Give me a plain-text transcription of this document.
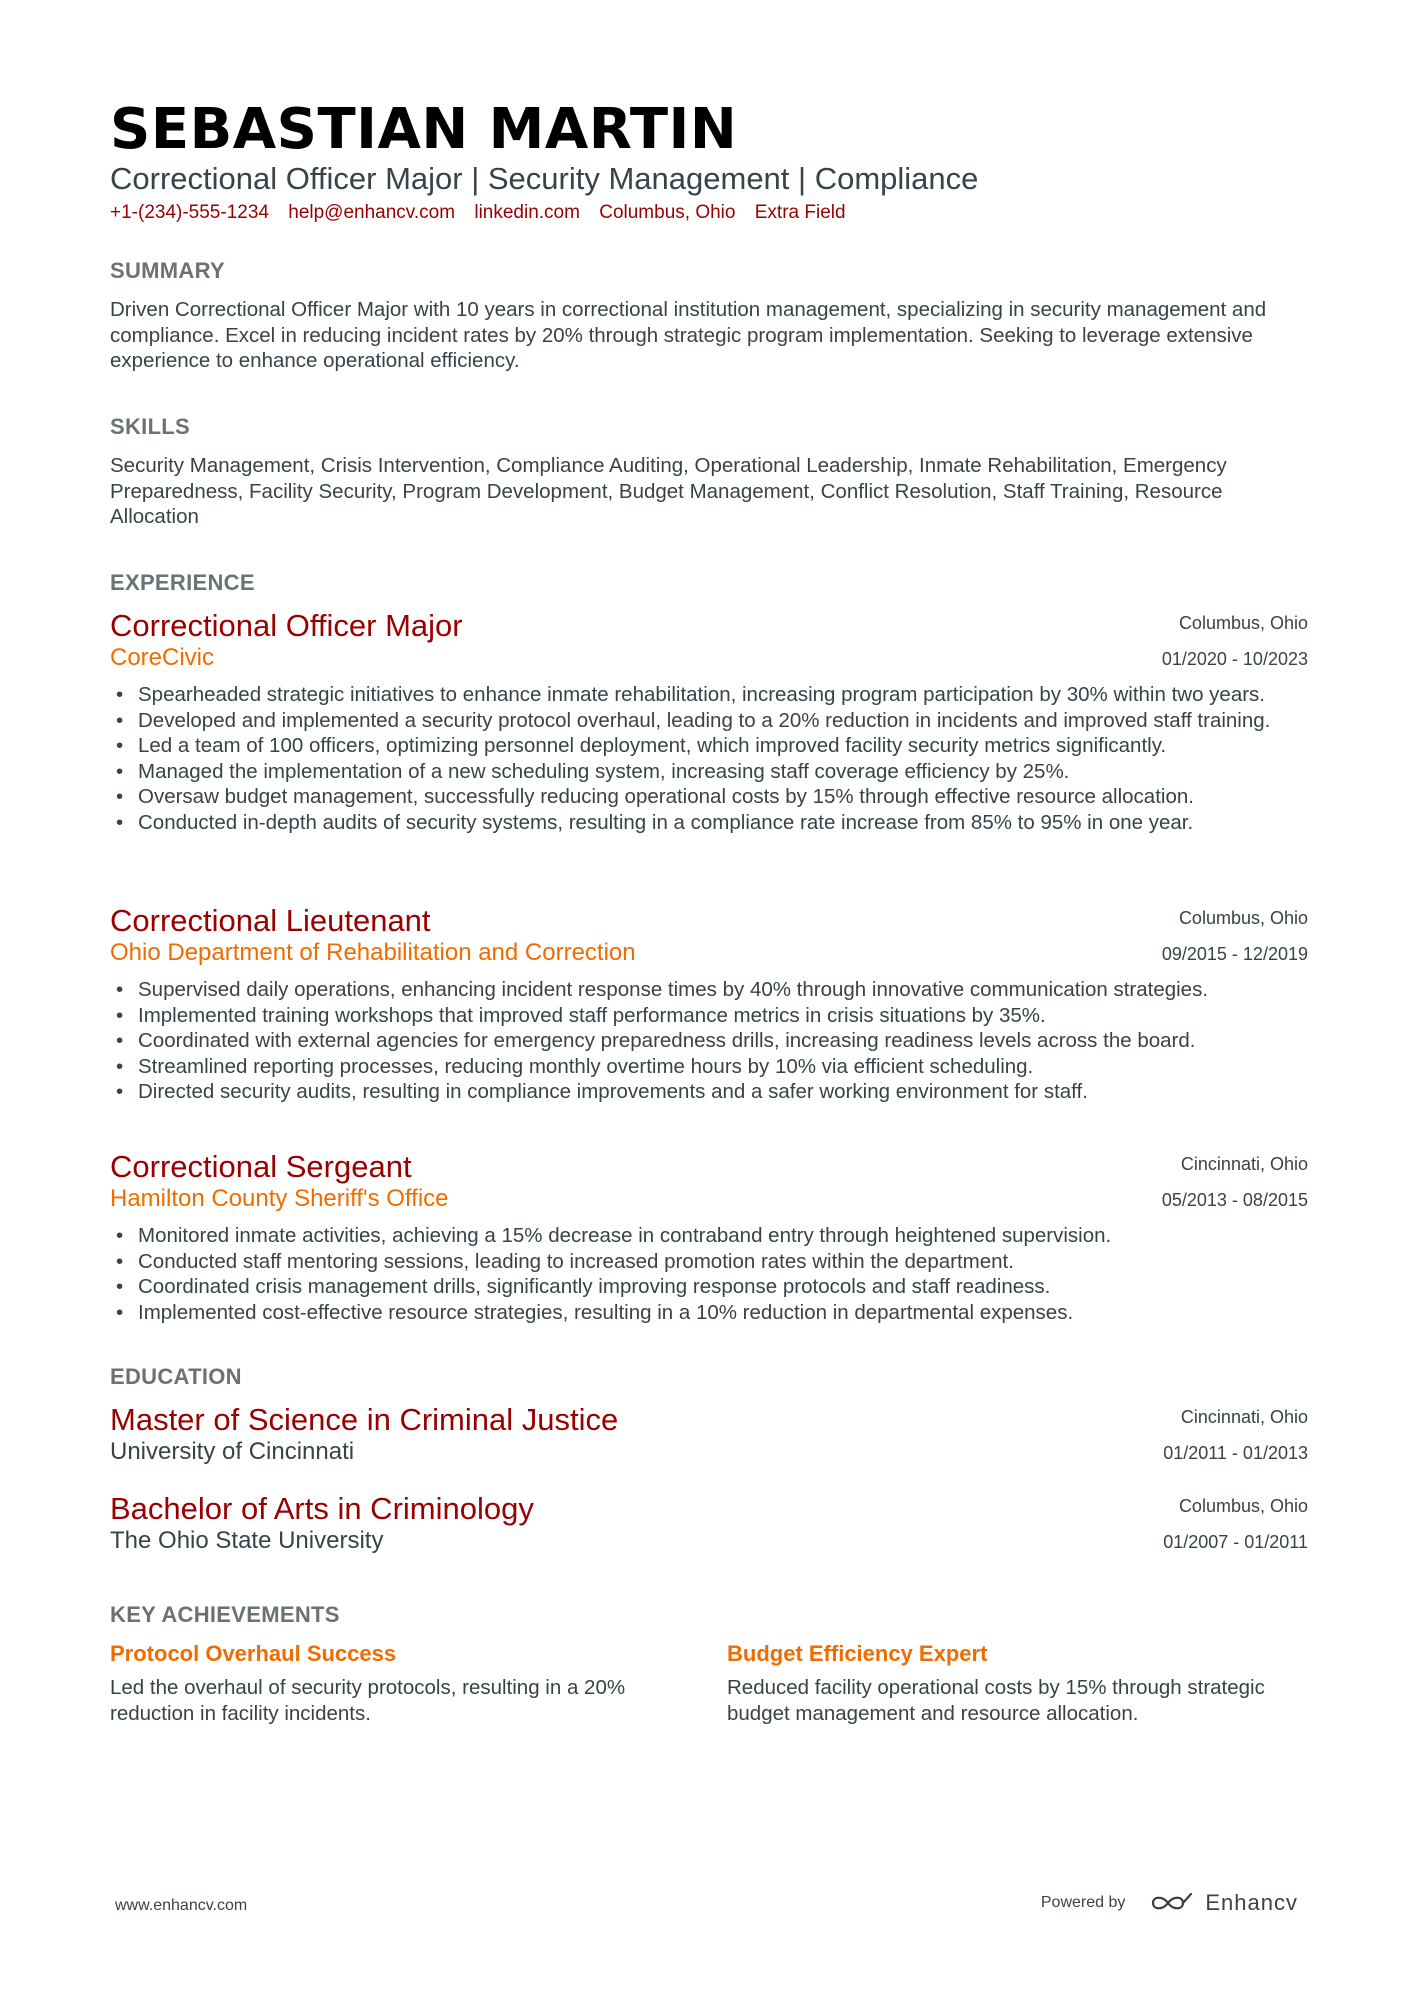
SEBASTIAN MARTIN
Correctional Officer Major | Security Management | Compliance
+1-(234)-555-1234 help@enhancv.com linkedin.com Columbus, Ohio Extra Field
SUMMARY
Driven Correctional Officer Major with 10 years in correctional institution management, specializing in security management and compliance. Excel in reducing incident rates by 20% through strategic program implementation. Seeking to leverage extensive experience to enhance operational efficiency.
SKILLS
Security Management, Crisis Intervention, Compliance Auditing, Operational Leadership, Inmate Rehabilitation, Emergency Preparedness, Facility Security, Program Development, Budget Management, Conflict Resolution, Staff Training, Resource Allocation
EXPERIENCE
Correctional Officer Major
CoreCivic
Columbus, Ohio
01/2020 - 10/2023
• Spearheaded strategic initiatives to enhance inmate rehabilitation, increasing program participation by 30% within two years.
• Developed and implemented a security protocol overhaul, leading to a 20% reduction in incidents and improved staff training.
• Led a team of 100 officers, optimizing personnel deployment, which improved facility security metrics significantly.
• Managed the implementation of a new scheduling system, increasing staff coverage efficiency by 25%.
• Oversaw budget management, successfully reducing operational costs by 15% through effective resource allocation.
• Conducted in-depth audits of security systems, resulting in a compliance rate increase from 85% to 95% in one year.
Correctional Lieutenant
Ohio Department of Rehabilitation and Correction
Columbus, Ohio
09/2015 - 12/2019
• Supervised daily operations, enhancing incident response times by 40% through innovative communication strategies.
• Implemented training workshops that improved staff performance metrics in crisis situations by 35%.
• Coordinated with external agencies for emergency preparedness drills, increasing readiness levels across the board.
• Streamlined reporting processes, reducing monthly overtime hours by 10% via efficient scheduling.
• Directed security audits, resulting in compliance improvements and a safer working environment for staff.
Correctional Sergeant
Hamilton County Sheriff's Office
Cincinnati, Ohio
05/2013 - 08/2015
• Monitored inmate activities, achieving a 15% decrease in contraband entry through heightened supervision.
• Conducted staff mentoring sessions, leading to increased promotion rates within the department.
• Coordinated crisis management drills, significantly improving response protocols and staff readiness.
• Implemented cost-effective resource strategies, resulting in a 10% reduction in departmental expenses.
EDUCATION
Master of Science in Criminal Justice
University of Cincinnati
Cincinnati, Ohio
01/2011 - 01/2013
Bachelor of Arts in Criminology
The Ohio State University
Columbus, Ohio
01/2007 - 01/2011
KEY ACHIEVEMENTS
Protocol Overhaul Success
Led the overhaul of security protocols, resulting in a 20% reduction in facility incidents.
Budget Efficiency Expert
Reduced facility operational costs by 15% through strategic budget management and resource allocation.
www.enhancv.com	Powered by	Enhancv
